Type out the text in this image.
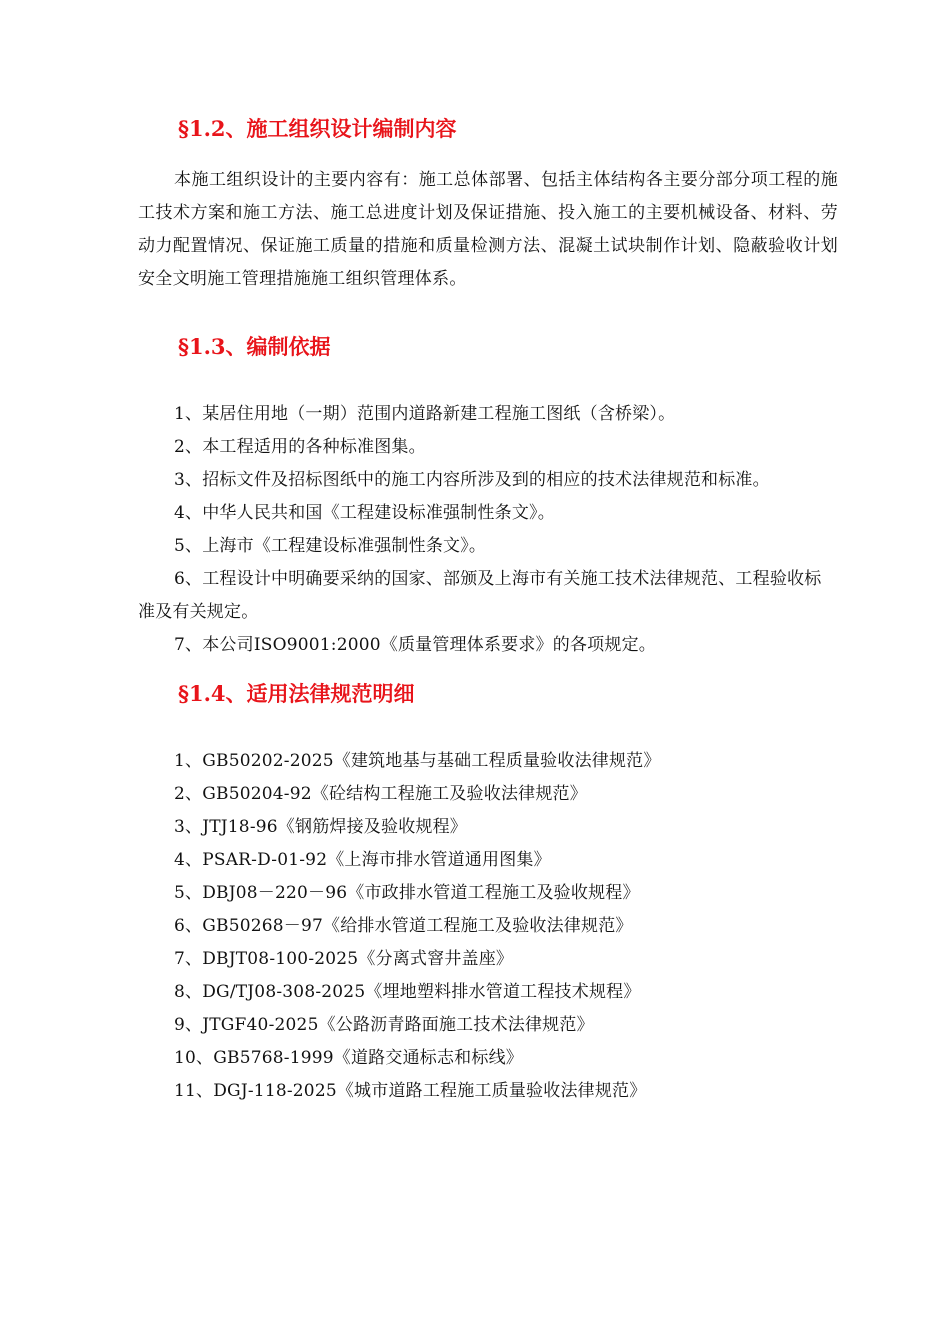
§1.2、施工组织设计编制内容

本施工组织设计的主要内容有：施工总体部署、包括主体结构各主要分部分项工程的施工技术方案和施工方法、施工总进度计划及保证措施、投入施工的主要机械设备、材料、劳动力配置情况、保证施工质量的措施和质量检测方法、混凝土试块制作计划、隐蔽验收计划安全文明施工管理措施施工组织管理体系。

§1.3、编制依据
1、某居住用地（一期）范围内道路新建工程施工图纸（含桥梁）。
2、本工程适用的各种标准图集。
3、招标文件及招标图纸中的施工内容所涉及到的相应的技术法律规范和标准。
4、中华人民共和国《工程建设标准强制性条文》。
5、上海市《工程建设标准强制性条文》。
6、工程设计中明确要采纳的国家、部颁及上海市有关施工技术法律规范、工程验收标准及有关规定。
7、本公司ISO9001:2000《质量管理体系要求》的各项规定。
§1.4、适用法律规范明细
1、GB50202-2025《建筑地基与基础工程质量验收法律规范》
2、GB50204-92《砼结构工程施工及验收法律规范》
3、JTJ18-96《钢筋焊接及验收规程》
4、PSAR-D-01-92《上海市排水管道通用图集》
5、DBJ08－220－96《市政排水管道工程施工及验收规程》
6、GB50268－97《给排水管道工程施工及验收法律规范》
7、DBJT08-100-2025《分离式窨井盖座》
8、DG/TJ08-308-2025《埋地塑料排水管道工程技术规程》
9、JTGF40-2025《公路沥青路面施工技术法律规范》
10、GB5768-1999《道路交通标志和标线》
11、DGJ-118-2025《城市道路工程施工质量验收法律规范》
